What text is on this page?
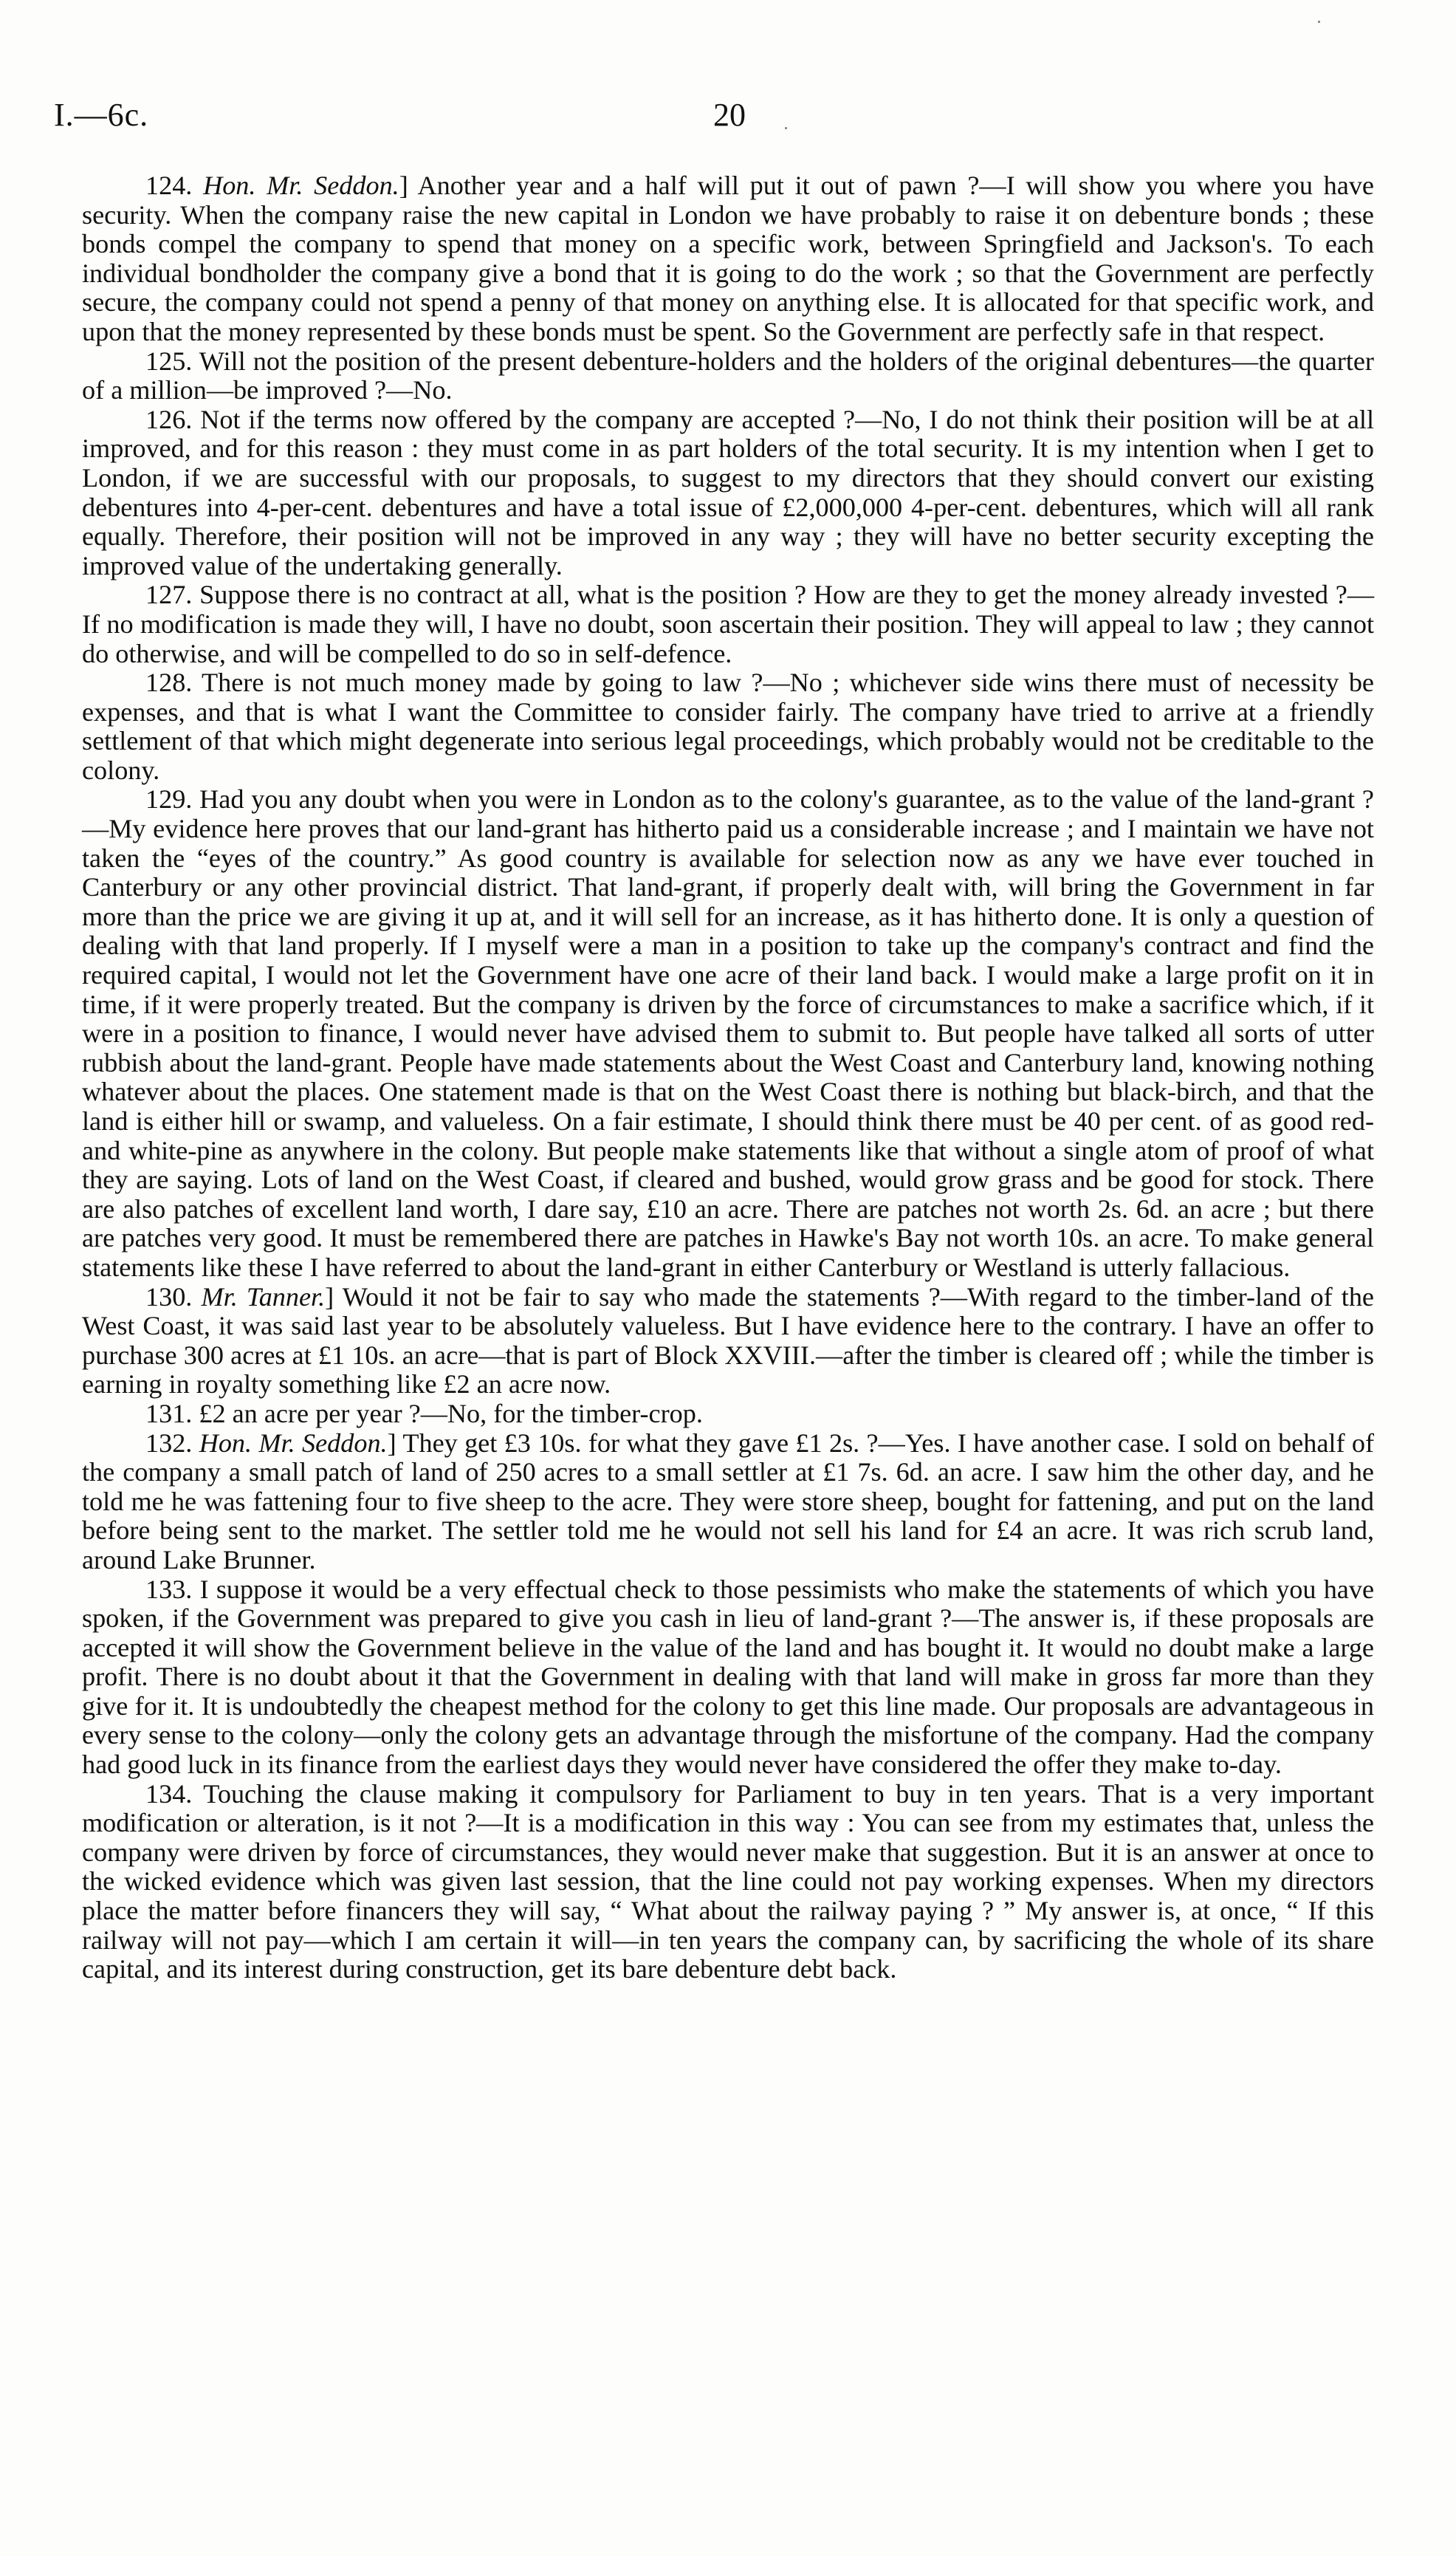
I.—6c.	20

124. Hon. Mr. Seddon.] Another year and a half will put it out of pawn ?—I will show you where you have security. When the company raise the new capital in London we have probably to raise it on debenture bonds ; these bonds compel the company to spend that money on a specific work, between Springfield and Jackson's. To each individual bondholder the company give a bond that it is going to do the work ; so that the Government are perfectly secure, the company could not spend a penny of that money on anything else. It is allocated for that specific work, and upon that the money represented by these bonds must be spent. So the Government are perfectly safe in that respect.

125. Will not the position of the present debenture-holders and the holders of the original debentures—the quarter of a million—be improved ?—No.

126. Not if the terms now offered by the company are accepted ?—No, I do not think their position will be at all improved, and for this reason : they must come in as part holders of the total security. It is my intention when I get to London, if we are successful with our proposals, to suggest to my directors that they should convert our existing debentures into 4-per-cent. debentures and have a total issue of £2,000,000 4-per-cent. debentures, which will all rank equally. Therefore, their position will not be improved in any way ; they will have no better security excepting the improved value of the undertaking generally.

127. Suppose there is no contract at all, what is the position ? How are they to get the money already invested ?—If no modification is made they will, I have no doubt, soon ascertain their position. They will appeal to law ; they cannot do otherwise, and will be compelled to do so in self-defence.

128. There is not much money made by going to law ?—No ; whichever side wins there must of necessity be expenses, and that is what I want the Committee to consider fairly. The company have tried to arrive at a friendly settlement of that which might degenerate into serious legal proceedings, which probably would not be creditable to the colony.

129. Had you any doubt when you were in London as to the colony's guarantee, as to the value of the land-grant ?—My evidence here proves that our land-grant has hitherto paid us a considerable increase ; and I maintain we have not taken the “eyes of the country.” As good country is available for selection now as any we have ever touched in Canterbury or any other provincial district. That land-grant, if properly dealt with, will bring the Government in far more than the price we are giving it up at, and it will sell for an increase, as it has hitherto done. It is only a question of dealing with that land properly. If I myself were a man in a position to take up the company's contract and find the required capital, I would not let the Government have one acre of their land back. I would make a large profit on it in time, if it were properly treated. But the company is driven by the force of circumstances to make a sacrifice which, if it were in a position to finance, I would never have advised them to submit to. But people have talked all sorts of utter rubbish about the land-grant. People have made statements about the West Coast and Canterbury land, knowing nothing whatever about the places. One statement made is that on the West Coast there is nothing but black-birch, and that the land is either hill or swamp, and valueless. On a fair estimate, I should think there must be 40 per cent. of as good red- and white-pine as anywhere in the colony. But people make statements like that without a single atom of proof of what they are saying. Lots of land on the West Coast, if cleared and bushed, would grow grass and be good for stock. There are also patches of excellent land worth, I dare say, £10 an acre. There are patches not worth 2s. 6d. an acre ; but there are patches very good. It must be remembered there are patches in Hawke's Bay not worth 10s. an acre. To make general statements like these I have referred to about the land-grant in either Canterbury or Westland is utterly fallacious.

130. Mr. Tanner.] Would it not be fair to say who made the statements ?—With regard to the timber-land of the West Coast, it was said last year to be absolutely valueless. But I have evidence here to the contrary. I have an offer to purchase 300 acres at £1 10s. an acre—that is part of Block XXVIII.—after the timber is cleared off ; while the timber is earning in royalty something like £2 an acre now.

131. £2 an acre per year ?—No, for the timber-crop.

132. Hon. Mr. Seddon.] They get £3 10s. for what they gave £1 2s. ?—Yes. I have another case. I sold on behalf of the company a small patch of land of 250 acres to a small settler at £1 7s. 6d. an acre. I saw him the other day, and he told me he was fattening four to five sheep to the acre. They were store sheep, bought for fattening, and put on the land before being sent to the market. The settler told me he would not sell his land for £4 an acre. It was rich scrub land, around Lake Brunner.

133. I suppose it would be a very effectual check to those pessimists who make the statements of which you have spoken, if the Government was prepared to give you cash in lieu of land-grant ?—The answer is, if these proposals are accepted it will show the Government believe in the value of the land and has bought it. It would no doubt make a large profit. There is no doubt about it that the Government in dealing with that land will make in gross far more than they give for it. It is undoubtedly the cheapest method for the colony to get this line made. Our proposals are advantageous in every sense to the colony—only the colony gets an advantage through the misfortune of the company. Had the company had good luck in its finance from the earliest days they would never have considered the offer they make to-day.

134. Touching the clause making it compulsory for Parliament to buy in ten years. That is a very important modification or alteration, is it not ?—It is a modification in this way : You can see from my estimates that, unless the company were driven by force of circumstances, they would never make that suggestion. But it is an answer at once to the wicked evidence which was given last session, that the line could not pay working expenses. When my directors place the matter before financers they will say, “ What about the railway paying ? ” My answer is, at once, “ If this railway will not pay—which I am certain it will—in ten years the company can, by sacrificing the whole of its share capital, and its interest during construction, get its bare debenture debt back.
